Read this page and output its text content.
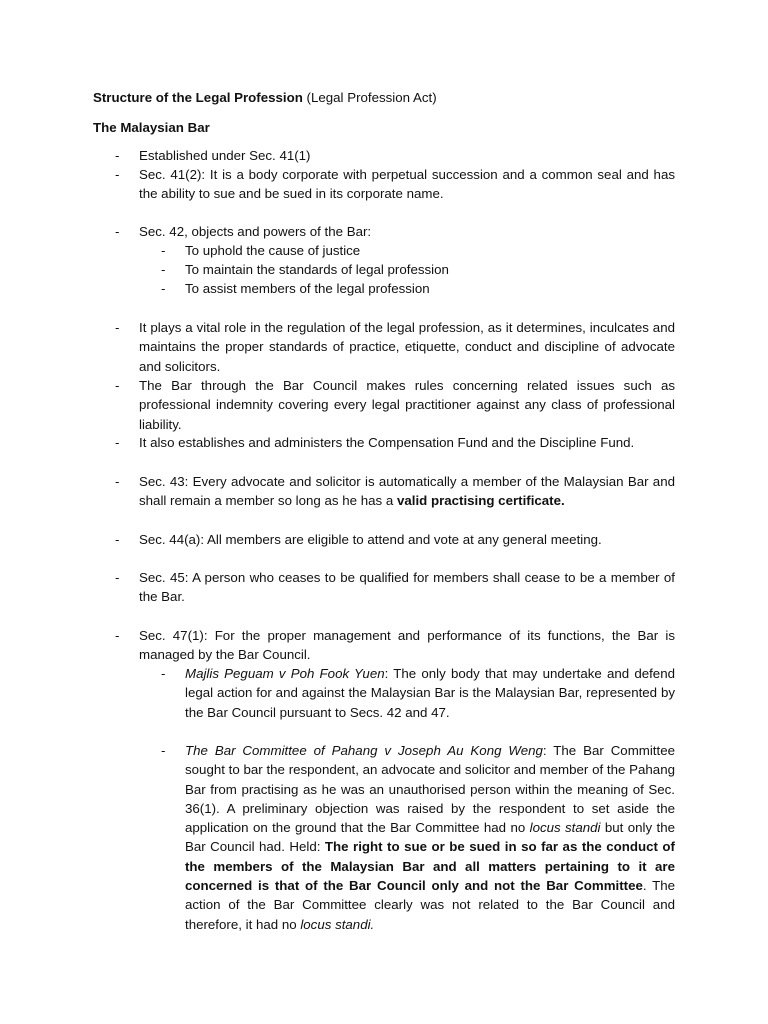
Structure of the Legal Profession (Legal Profession Act)

The Malaysian Bar

- Established under Sec. 41(1)
- Sec. 41(2): It is a body corporate with perpetual succession and a common seal and has the ability to sue and be sued in its corporate name.
- Sec. 42, objects and powers of the Bar:
- To uphold the cause of justice
- To maintain the standards of legal profession
- To assist members of the legal profession
- It plays a vital role in the regulation of the legal profession, as it determines, inculcates and maintains the proper standards of practice, etiquette, conduct and discipline of advocate and solicitors.
- The Bar through the Bar Council makes rules concerning related issues such as professional indemnity covering every legal practitioner against any class of professional liability.
- It also establishes and administers the Compensation Fund and the Discipline Fund.
- Sec. 43: Every advocate and solicitor is automatically a member of the Malaysian Bar and shall remain a member so long as he has a valid practising certificate.
- Sec. 44(a): All members are eligible to attend and vote at any general meeting.
- Sec. 45: A person who ceases to be qualified for members shall cease to be a member of the Bar.
- Sec. 47(1): For the proper management and performance of its functions, the Bar is managed by the Bar Council.
- Majlis Peguam v Poh Fook Yuen: The only body that may undertake and defend legal action for and against the Malaysian Bar is the Malaysian Bar, represented by the Bar Council pursuant to Secs. 42 and 47.
- The Bar Committee of Pahang v Joseph Au Kong Weng: The Bar Committee sought to bar the respondent, an advocate and solicitor and member of the Pahang Bar from practising as he was an unauthorised person within the meaning of Sec. 36(1). A preliminary objection was raised by the respondent to set aside the application on the ground that the Bar Committee had no locus standi but only the Bar Council had. Held: The right to sue or be sued in so far as the conduct of the members of the Malaysian Bar and all matters pertaining to it are concerned is that of the Bar Council only and not the Bar Committee. The action of the Bar Committee clearly was not related to the Bar Council and therefore, it had no locus standi.
